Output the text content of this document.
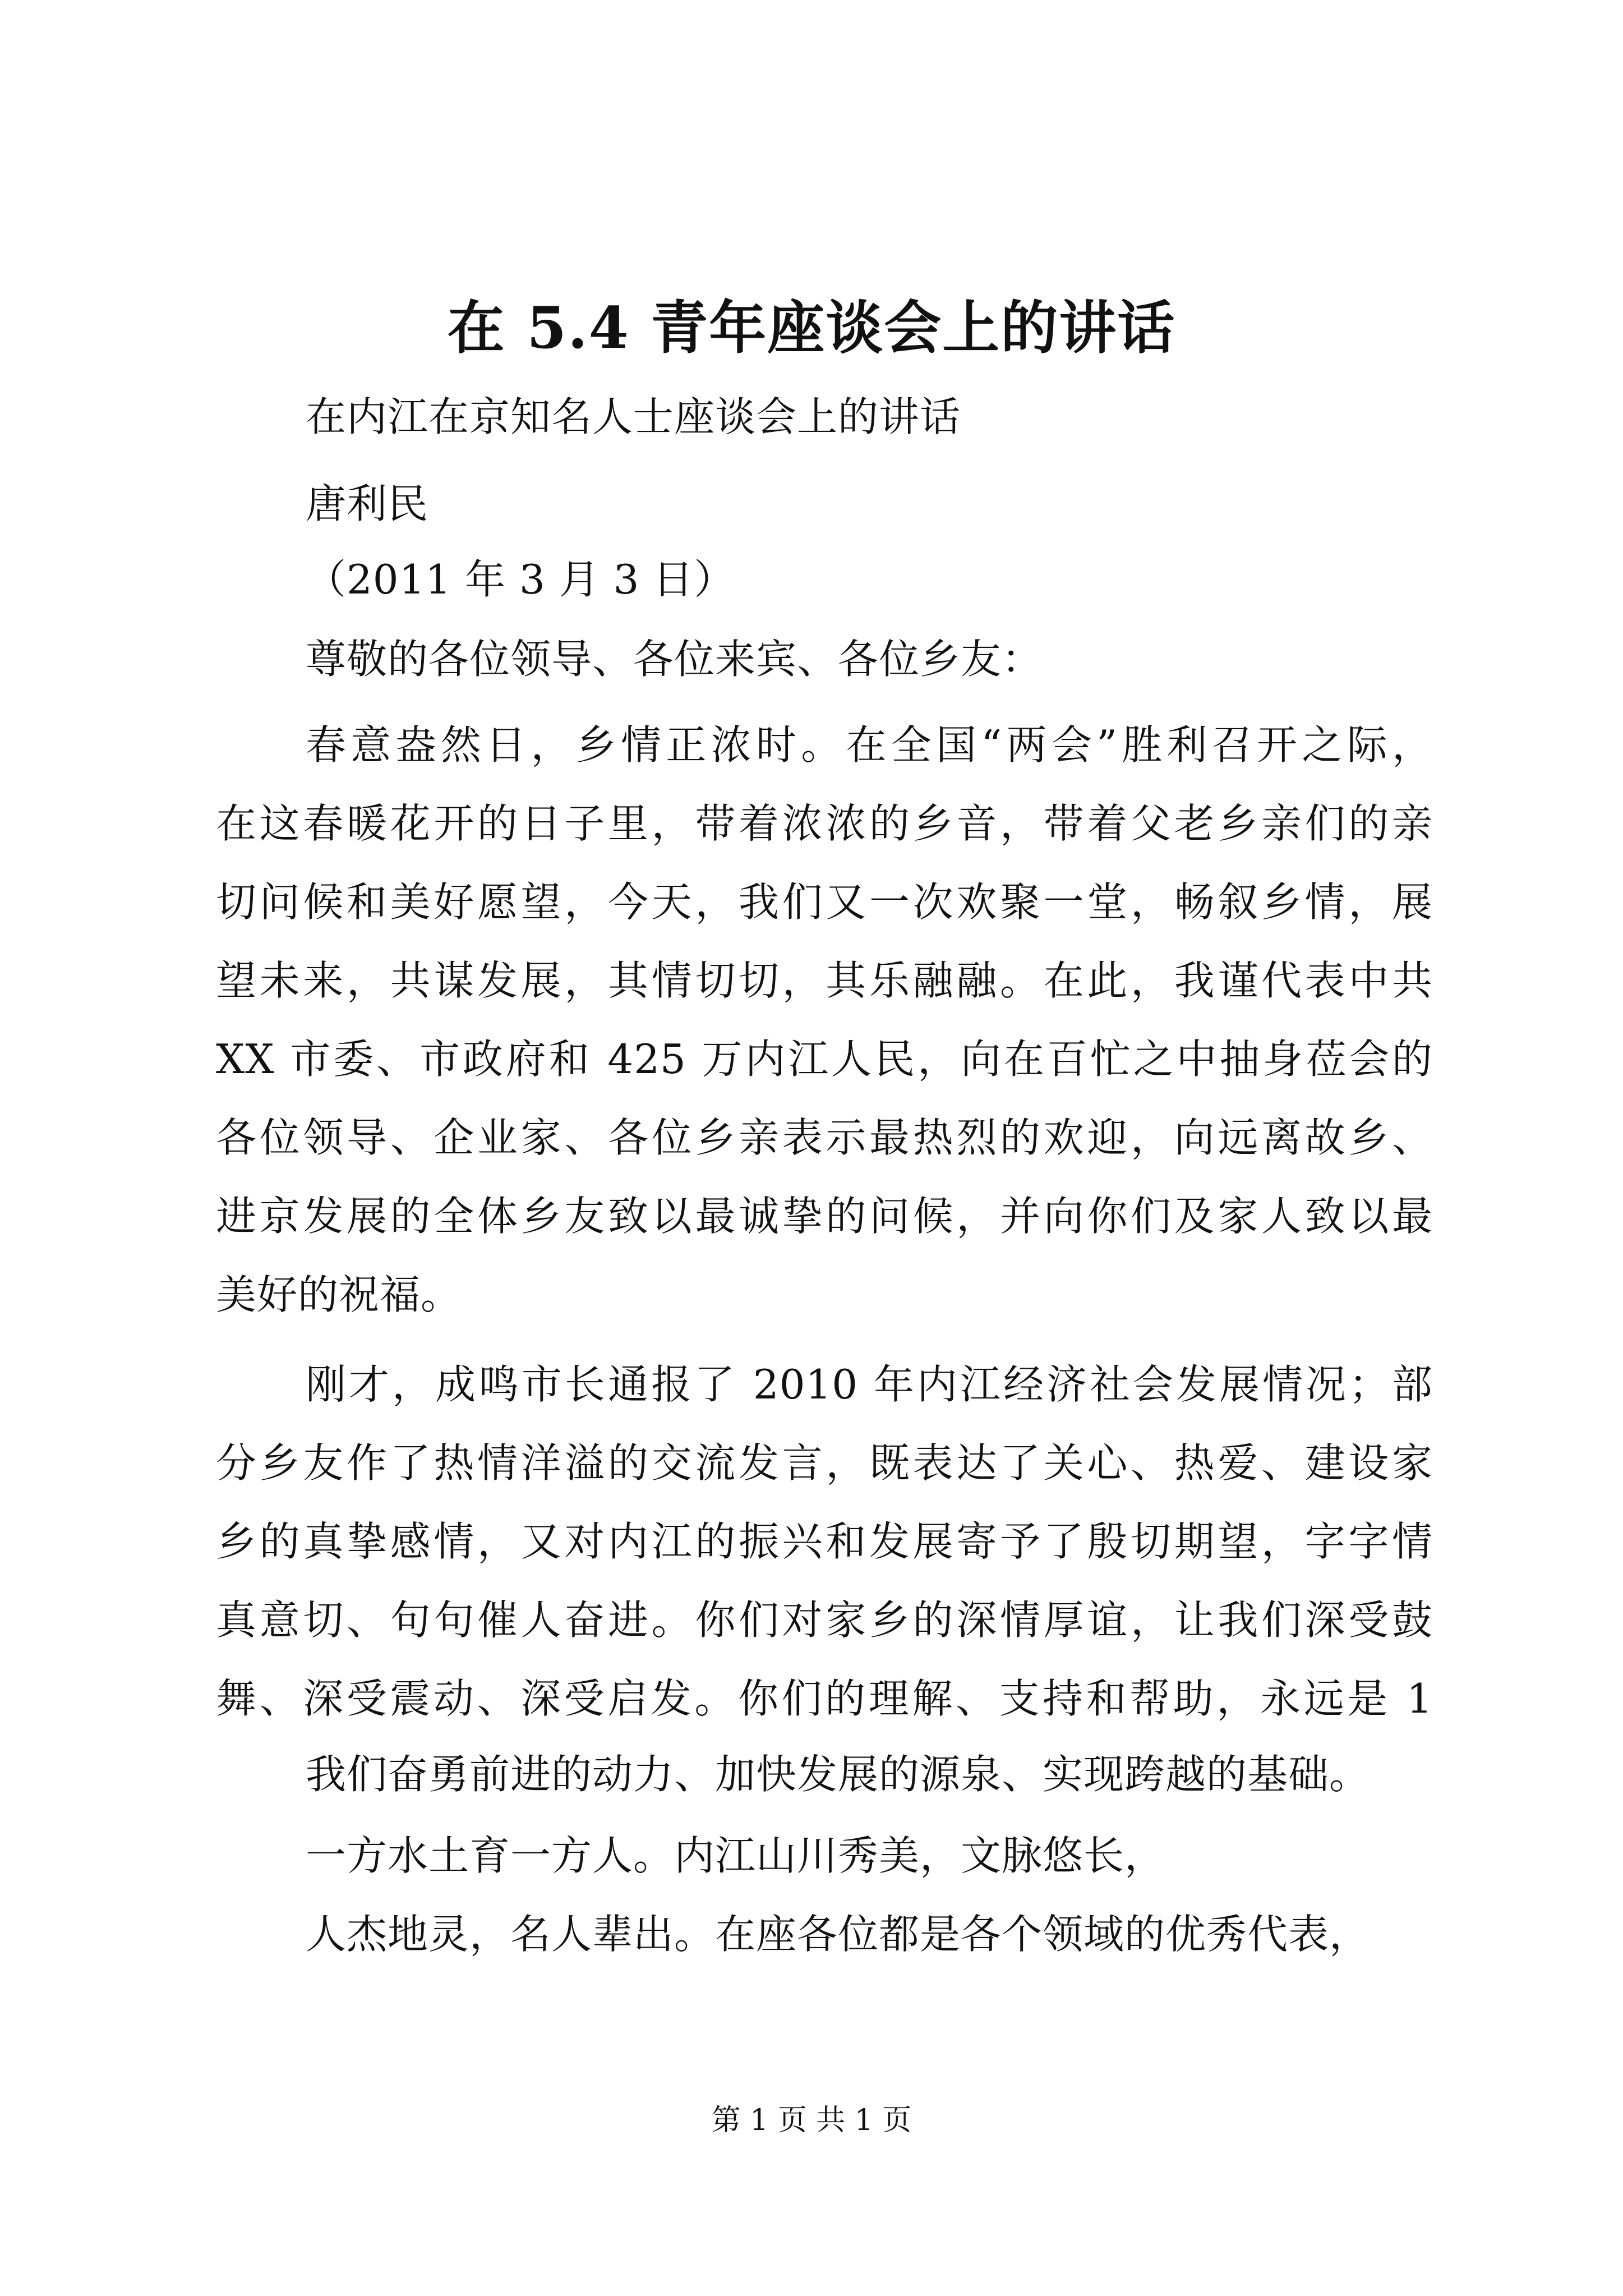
在 5.4 青年座谈会上的讲话
在内江在京知名人士座谈会上的讲话
唐利民
（2011 年 3 月 3 日）
尊敬的各位领导、各位来宾、各位乡友：
春意盎然日，乡情正浓时。在全国“两会”胜利召开之际，
在这春暖花开的日子里，带着浓浓的乡音，带着父老乡亲们的亲
切问候和美好愿望，今天，我们又一次欢聚一堂，畅叙乡情，展
望未来，共谋发展，其情切切，其乐融融。在此，我谨代表中共
XX 市委、市政府和 425 万内江人民，向在百忙之中抽身莅会的
各位领导、企业家、各位乡亲表示最热烈的欢迎，向远离故乡、
进京发展的全体乡友致以最诚挚的问候，并向你们及家人致以最
美好的祝福。
刚才，成鸣市长通报了 2010 年内江经济社会发展情况；部
分乡友作了热情洋溢的交流发言，既表达了关心、热爱、建设家
乡的真挚感情，又对内江的振兴和发展寄予了殷切期望，字字情
真意切、句句催人奋进。你们对家乡的深情厚谊，让我们深受鼓
舞、深受震动、深受启发。你们的理解、支持和帮助，永远是 1
我们奋勇前进的动力、加快发展的源泉、实现跨越的基础。
一方水土育一方人。内江山川秀美，文脉悠长，
人杰地灵，名人辈出。在座各位都是各个领域的优秀代表，
第 1 页 共 1 页
